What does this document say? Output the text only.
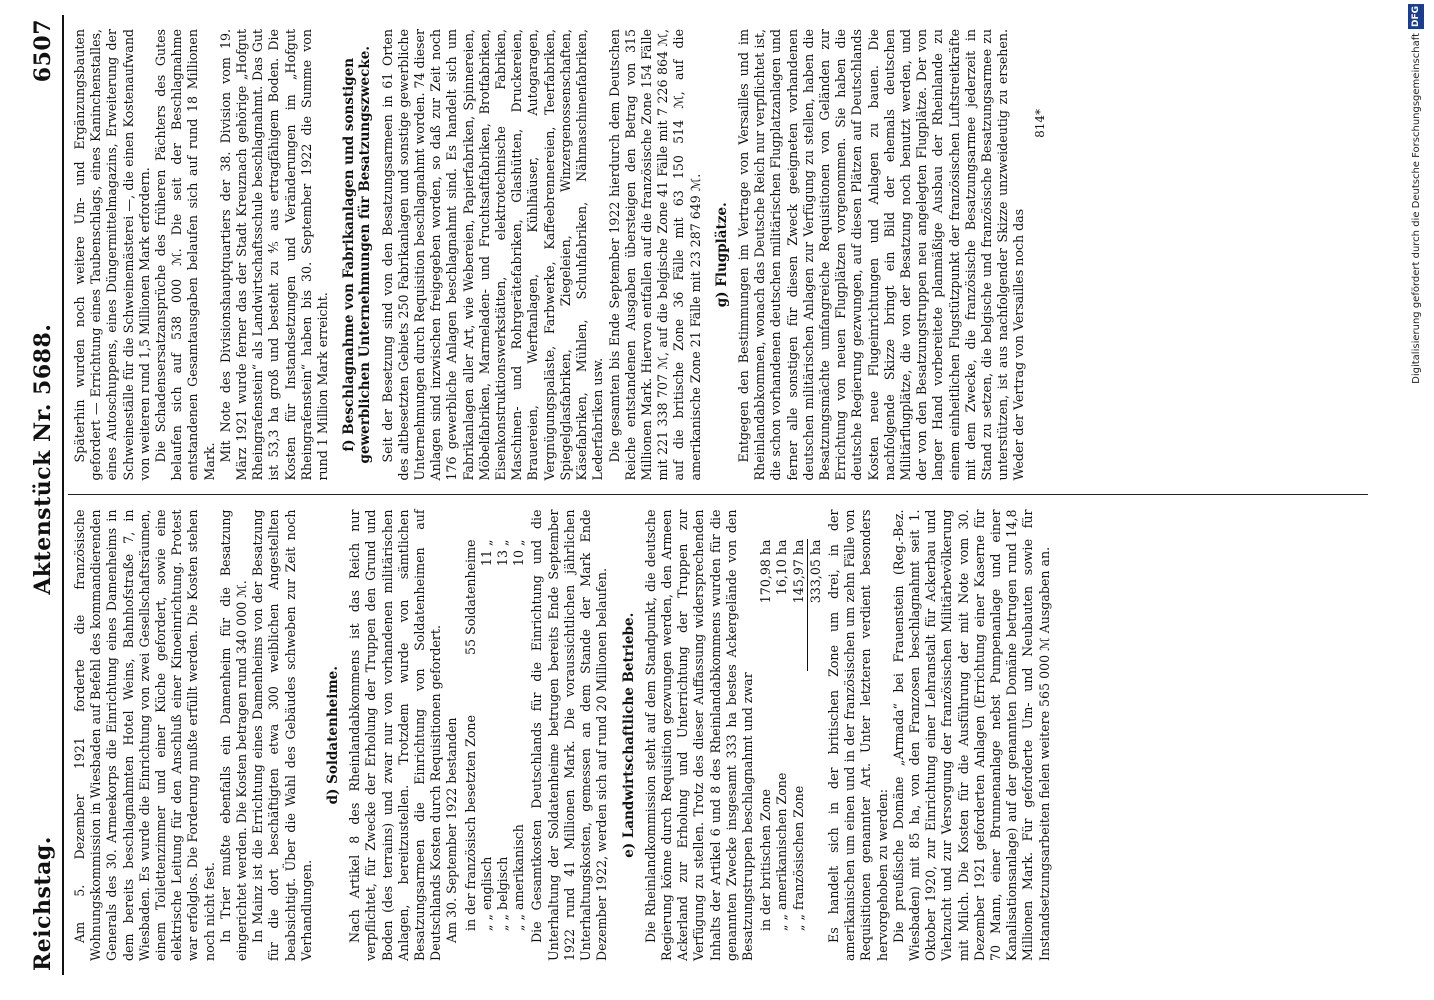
Reichstag.
Aktenstück Nr. 5688.
6507

Am 5. Dezember 1921 forderte die französische Wohnungskommission in Wiesbaden auf Befehl des kommandierenden Generals des 30. Armeekorps die Einrichtung eines Damenheims in dem bereits beschlagnahmten Hotel Weins, Bahnhofstraße 7, in Wiesbaden. Es wurde die Einrichtung von zwei Gesellschaftsräumen, einem Toilettenzimmer und einer Küche gefordert, sowie eine elektrische Leitung für den Anschluß einer Kinoeinrichtung. Protest war erfolglos. Die Forderung mußte erfüllt werden. Die Kosten stehen noch nicht fest. In Trier mußte ebenfalls ein Damenheim für die Besatzung eingerichtet werden. Die Kosten betragen rund 340 000 ℳ. In Mainz ist die Errichtung eines Damenheims von der Besatzung für die dort beschäftigten etwa 300 weiblichen Angestellten beabsichtigt. Über die Wahl des Gebäudes schweben zur Zeit noch Verhandlungen.

d) Soldatenheime. Nach Artikel 8 des Rheinlandabkommens ist das Reich nur verpflichtet, für Zwecke der Erholung der Truppen den Grund und Boden (des terrains) und zwar nur von vorhandenen militärischen Anlagen, bereitzustellen. Trotzdem wurde von sämtlichen Besatzungsarmeen die Einrichtung von Soldatenheimen auf Deutschlands Kosten durch Requisitionen gefordert. Am 30. September 1922 bestanden in der französisch besetzten Zone
55 Soldatenheime
„ „ englisch
11 „
„ „ belgisch
13 „
„ „ amerikanisch
10 „ Die Gesamtkosten Deutschlands für die Einrichtung und die Unterhaltung der Soldatenheime betrugen bereits Ende September 1922 rund 41 Millionen Mark. Die voraussichtlichen jährlichen Unterhaltungskosten, gemessen an dem Stande der Mark Ende Dezember 1922, werden sich auf rund 20 Millionen belaufen. e) Landwirtschaftliche Betriebe. Die Rheinlandkommission steht auf dem Standpunkt, die deutsche Regierung könne durch Requisition gezwungen werden, den Armeen Ackerland zur Erholung und Unterrichtung der Truppen zur Verfügung zu stellen. Trotz des dieser Auffassung widersprechenden Inhalts der Artikel 6 und 8 des Rheinlandabkommens wurden für die genannten Zwecke insgesamt 333 ha bestes Ackergelände von den Besatzungstruppen beschlagnahmt und zwar in der britischen Zone
170,98 ha
„ „ amerikanischen Zone
16,10 ha
„ „ französischen Zone
145,97 ha 333,05 ha Es handelt sich in der britischen Zone um drei, in der amerikanischen um einen und in der französischen um zehn Fälle von Requisitionen genannter Art. Unter letzteren verdient besonders hervorgehoben zu werden: Die preußische Domäne „Armada“ bei Frauenstein (Reg.-Bez. Wiesbaden) mit 85 ha, von den Franzosen beschlagnahmt seit 1. Oktober 1920, zur Einrichtung einer Lehranstalt für Ackerbau und Viehzucht und zur Versorgung der französischen Militärbevölkerung mit Milch. Die Kosten für die Ausführung der mit Note vom 30. Dezember 1921 geforderten Anlagen (Errichtung einer Kaserne für 70 Mann, einer Brunnenanlage nebst Pumpenanlage und einer Kanalisationsanlage) auf der genannten Domäne betrugen rund 14,8 Millionen Mark. Für geforderte Um- und Neubauten sowie für Instandsetzungsarbeiten fielen weitere 565 000 ℳ Ausgaben an.

Späterhin wurden noch weitere Um- und Ergänzungsbauten gefordert — Errichtung eines Taubenschlags, eines Kaninchenstalles, eines Autoschuppens, eines Düngermittelmagazins, Erweiterung der Schweineställe für die Schweinemästerei —, die einen Kostenaufwand von weiteren rund 1,5 Millionen Mark erfordern. Die Schadensersatzansprüche des früheren Pächters des Gutes belaufen sich auf 538 000 ℳ. Die seit der Beschlagnahme entstandenen Gesamtausgaben belaufen sich auf rund 18 Millionen Mark. Mit Note des Divisionshauptquartiers der 38. Division vom 19. März 1921 wurde ferner das der Stadt Kreuznach gehörige „Hofgut Rheingrafenstein“ als Landwirtschaftsschule beschlagnahmt. Das Gut ist 53,3 ha groß und besteht zu ⅘ aus ertragfähigem Boden. Die Kosten für Instandsetzungen und Veränderungen im „Hofgut Rheingrafenstein“ haben bis 30. September 1922 die Summe von rund 1 Million Mark erreicht. f) Beschlagnahme von Fabrikanlagen und sonstigen gewerblichen Unternehmungen für Besatzungszwecke. Seit der Besetzung sind von den Besatzungsarmeen in 61 Orten des altbesetzten Gebiets 250 Fabrikanlagen und sonstige gewerbliche Unternehmungen durch Requisition beschlagnahmt worden. 74 dieser Anlagen sind inzwischen freigegeben worden, so daß zur Zeit noch 176 gewerbliche Anlagen beschlagnahmt sind. Es handelt sich um Fabrikanlagen aller Art, wie Webereien, Papierfabriken, Spinnereien, Möbelfabriken, Marmeladen- und Fruchtsaftfabriken, Brotfabriken, Eisenkonstruktionswerkstätten, elektrotechnische Fabriken, Maschinen- und Rohrgerätefabriken, Glashütten, Druckereien, Brauereien, Werftanlagen, Kühlhäuser, Autogaragen, Vergnügungspaläste, Farbwerke, Kaffeebrennereien, Teerfabriken, Spiegelglasfabriken, Ziegeleien, Winzergenossenschaften, Käsefabriken, Mühlen, Schuhfabriken, Nähmaschinenfabriken, Lederfabriken usw. Die gesamten bis Ende September 1922 hierdurch dem Deutschen Reiche entstandenen Ausgaben übersteigen den Betrag von 315 Millionen Mark. Hiervon entfallen auf die französische Zone 154 Fälle mit 221 338 707 ℳ, auf die belgische Zone 41 Fälle mit 7 226 864 ℳ, auf die britische Zone 36 Fälle mit 63 150 514 ℳ, auf die amerikanische Zone 21 Fälle mit 23 287 649 ℳ. g) Flugplätze. Entgegen den Bestimmungen im Vertrage von Versailles und im Rheinlandabkommen, wonach das Deutsche Reich nur verpflichtet ist, die schon vorhandenen deutschen militärischen Flugplatzanlagen und ferner alle sonstigen für diesen Zweck geeigneten vorhandenen deutschen militärischen Anlagen zur Verfügung zu stellen, haben die Besatzungsmächte umfangreiche Requisitionen von Geländen zur Errichtung von neuen Flugplätzen vorgenommen. Sie haben die deutsche Regierung gezwungen, auf diesen Plätzen auf Deutschlands Kosten neue Flugeinrichtungen und Anlagen zu bauen. Die nachfolgende Skizze bringt ein Bild der ehemals deutschen Militärflugplätze, die von der Besatzung noch benutzt werden, und der von den Besatzungstruppen neu angelegten Flugplätze. Der von langer Hand vorbereitete planmäßige Ausbau der Rheinlande zu einem einheitlichen Flugstützpunkt der französischen Luftstreitkräfte mit dem Zwecke, die französische Besatzungsarmee jederzeit in Stand zu setzen, die belgische und französische Besatzungsarmee zu unterstützen, ist aus nachfolgender Skizze unzweideutig zu ersehen. Weder der Vertrag von Versailles noch das

814*
DFG
Digitalisierung gefördert durch die Deutsche Forschungsgemeinschaft
